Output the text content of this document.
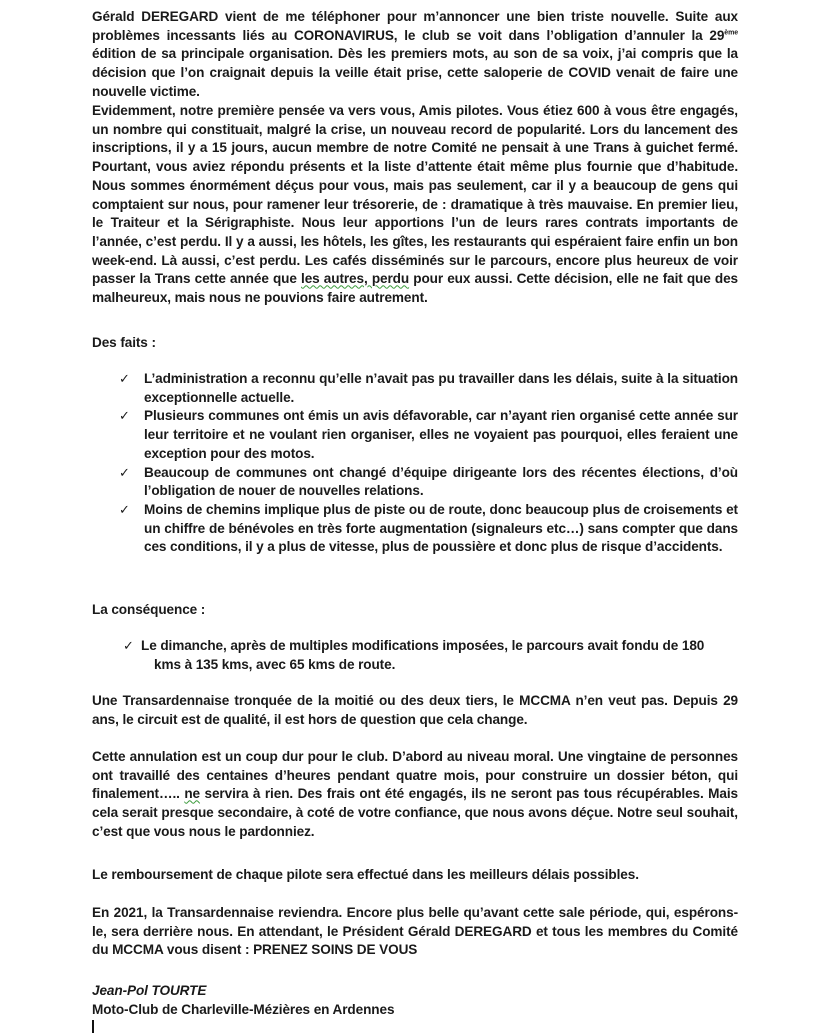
Gérald DEREGARD vient de me téléphoner pour m’annoncer une bien triste nouvelle. Suite aux problèmes incessants liés au CORONAVIRUS, le club se voit dans l’obligation d’annuler la 29ème édition de sa principale organisation. Dès les premiers mots, au son de sa voix, j’ai compris que la décision que l’on craignait depuis la veille était prise, cette saloperie de COVID venait de faire une nouvelle victime.

Evidemment, notre première pensée va vers vous, Amis pilotes. Vous étiez 600 à vous être engagés, un nombre qui constituait, malgré la crise, un nouveau record de popularité. Lors du lancement des inscriptions, il y a 15 jours, aucun membre de notre Comité ne pensait à une Trans à guichet fermé. Pourtant, vous aviez répondu présents et la liste d’attente était même plus fournie que d’habitude. Nous sommes énormément déçus pour vous, mais pas seulement, car il y a beaucoup de gens qui comptaient sur nous, pour ramener leur trésorerie, de : dramatique à très mauvaise. En premier lieu, le Traiteur et la Sérigraphiste. Nous leur apportions l’un de leurs rares contrats importants de l’année, c’est perdu. Il y a aussi, les hôtels, les gîtes, les restaurants qui espéraient faire enfin un bon week-end. Là aussi, c’est perdu. Les cafés disséminés sur le parcours, encore plus heureux de voir passer la Trans cette année que les autres, perdu pour eux aussi. Cette décision, elle ne fait que des malheureux, mais nous ne pouvions faire autrement.

Des faits :

✓ L’administration a reconnu qu’elle n’avait pas pu travailler dans les délais, suite à la situation exceptionnelle actuelle.
✓ Plusieurs communes ont émis un avis défavorable, car n’ayant rien organisé cette année sur leur territoire et ne voulant rien organiser, elles ne voyaient pas pourquoi, elles feraient une exception pour des motos.
✓ Beaucoup de communes ont changé d’équipe dirigeante lors des récentes élections, d’où l’obligation de nouer de nouvelles relations.
✓ Moins de chemins implique plus de piste ou de route, donc beaucoup plus de croisements et un chiffre de bénévoles en très forte augmentation (signaleurs etc…) sans compter que dans ces conditions, il y a plus de vitesse, plus de poussière et donc plus de risque d’accidents.

La conséquence :

✓ Le dimanche, après de multiples modifications imposées, le parcours avait fondu de 180
kms à 135 kms, avec 65 kms de route.

Une Transardennaise tronquée de la moitié ou des deux tiers, le MCCMA n’en veut pas. Depuis 29 ans, le circuit est de qualité, il est hors de question que cela change.

Cette annulation est un coup dur pour le club. D’abord au niveau moral. Une vingtaine de personnes ont travaillé des centaines d’heures pendant quatre mois, pour construire un dossier béton, qui finalement….. ne servira à rien. Des frais ont été engagés, ils ne seront pas tous récupérables. Mais cela serait presque secondaire, à coté de votre confiance, que nous avons déçue. Notre seul souhait, c’est que vous nous le pardonniez.

Le remboursement de chaque pilote sera effectué dans les meilleurs délais possibles.

En 2021, la Transardennaise reviendra. Encore plus belle qu’avant cette sale période, qui, espérons-le, sera derrière nous. En attendant, le Président Gérald DEREGARD et tous les membres du Comité du MCCMA vous disent : PRENEZ SOINS DE VOUS

Jean-Pol TOURTE
Moto-Club de Charleville-Mézières en Ardennes
